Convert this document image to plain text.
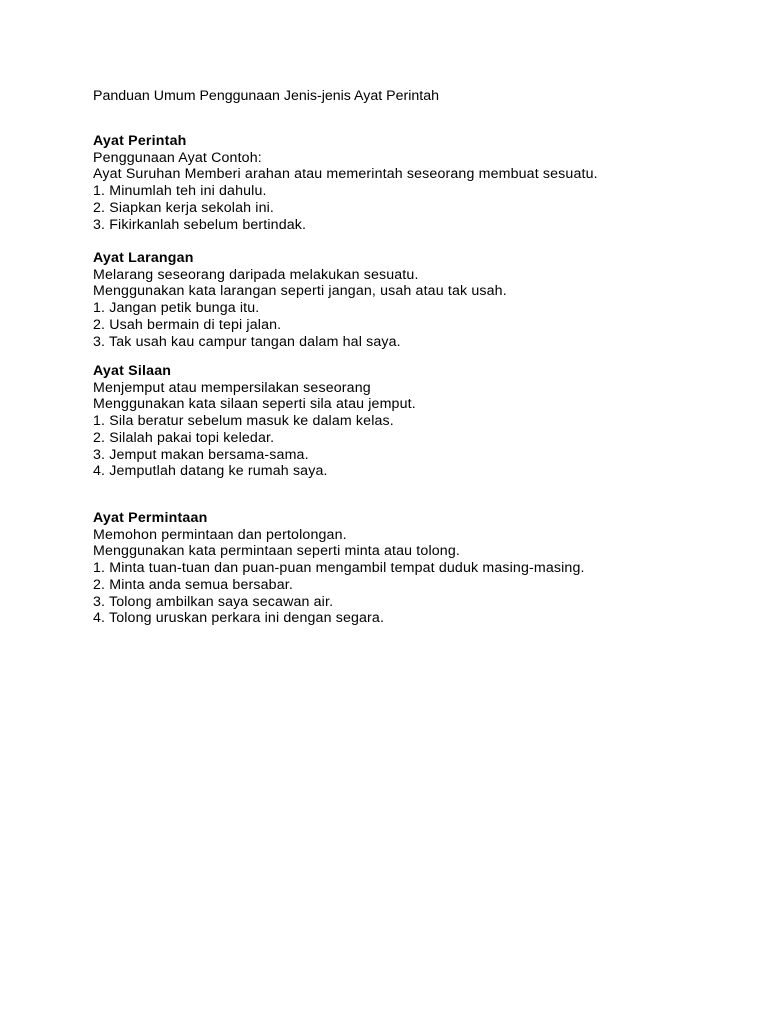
Panduan Umum Penggunaan Jenis-jenis Ayat Perintah
Ayat Perintah
Penggunaan Ayat Contoh:
Ayat Suruhan Memberi arahan atau memerintah seseorang membuat sesuatu.
1. Minumlah teh ini dahulu.
2. Siapkan kerja sekolah ini.
3. Fikirkanlah sebelum bertindak.
Ayat Larangan
Melarang seseorang daripada melakukan sesuatu.
Menggunakan kata larangan seperti jangan, usah atau tak usah.
1. Jangan petik bunga itu.
2. Usah bermain di tepi jalan.
3. Tak usah kau campur tangan dalam hal saya.
Ayat Silaan
Menjemput atau mempersilakan seseorang
Menggunakan kata silaan seperti sila atau jemput.
1. Sila beratur sebelum masuk ke dalam kelas.
2. Silalah pakai topi keledar.
3. Jemput makan bersama-sama.
4. Jemputlah datang ke rumah saya.
Ayat Permintaan
Memohon permintaan dan pertolongan.
Menggunakan kata permintaan seperti minta atau tolong.
1. Minta tuan-tuan dan puan-puan mengambil tempat duduk masing-masing.
2. Minta anda semua bersabar.
3. Tolong ambilkan saya secawan air.
4. Tolong uruskan perkara ini dengan segara.
